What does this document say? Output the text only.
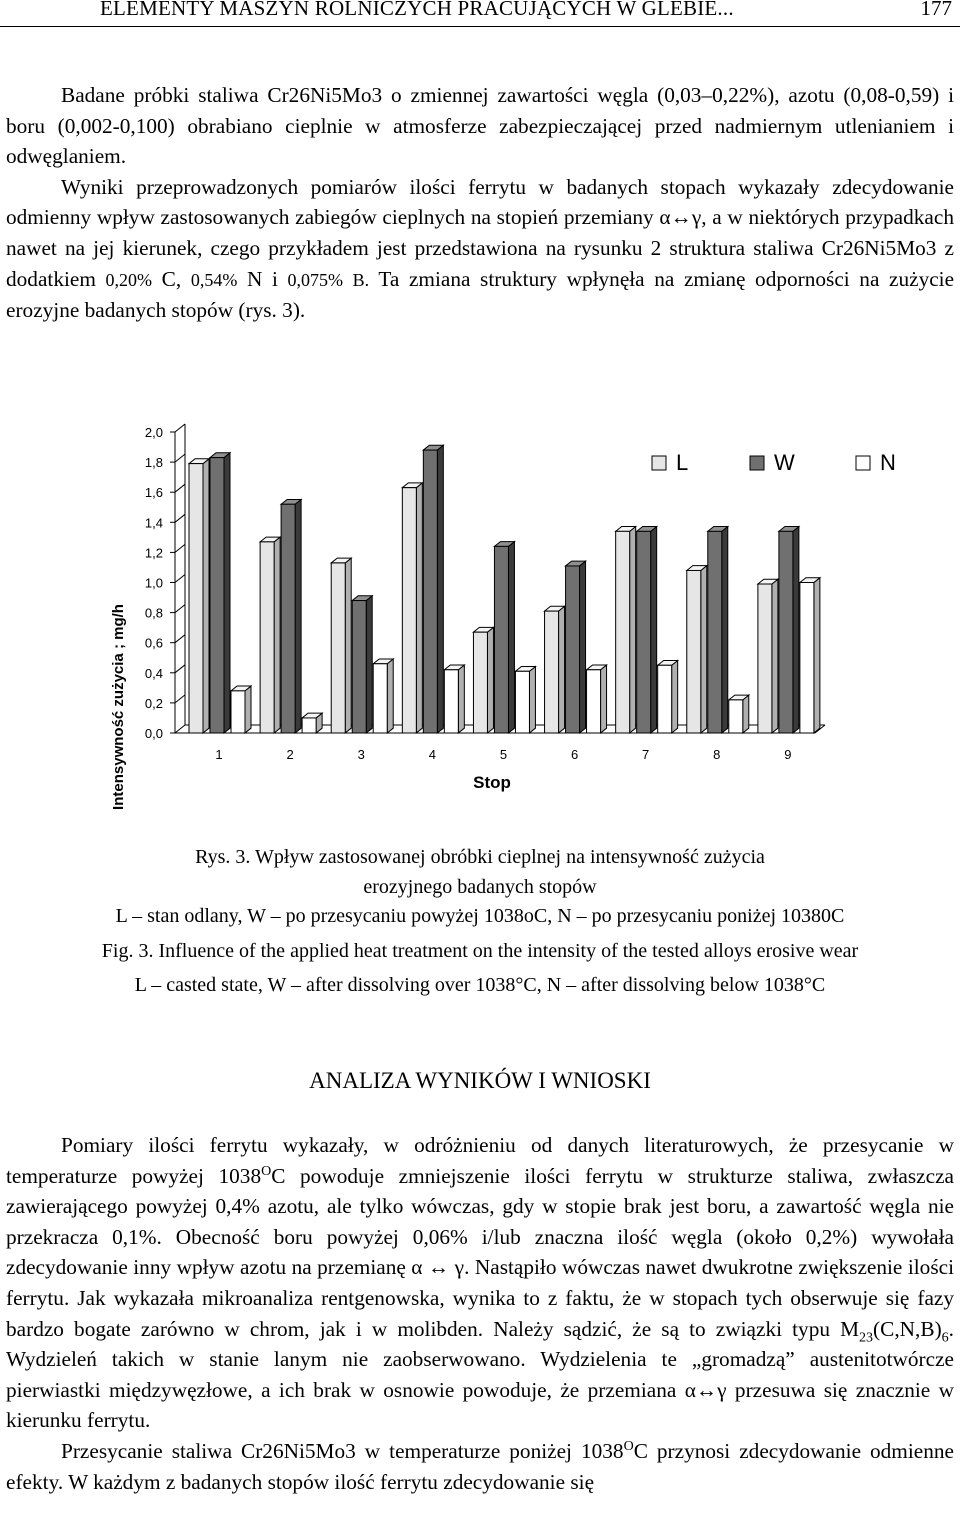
ELEMENTY MASZYN ROLNICZYCH PRACUJĄCYCH W GLEBIE...	177

Badane próbki staliwa Cr26Ni5Mo3 o zmiennej zawartości węgla (0,03–0,22%), azotu (0,08-0,59) i boru (0,002-0,100) obrabiano cieplnie w atmosferze zabezpieczającej przed nadmiernym utlenianiem i odwęglaniem.

Wyniki przeprowadzonych pomiarów ilości ferrytu w badanych stopach wykazały zdecydowanie odmienny wpływ zastosowanych zabiegów cieplnych na stopień przemiany α↔γ, a w niektórych przypadkach nawet na jej kierunek, czego przykładem jest przedstawiona na rysunku 2 struktura staliwa Cr26Ni5Mo3 z dodatkiem 0,20% C, 0,54% N i 0,075% B. Ta zmiana struktury wpłynęła na zmianę odporności na zużycie erozyjne badanych stopów (rys. 3).

0,0
0,2
0,4
0,6
0,8
1,0
1,2
1,4
1,6
1,8
2,0
1	2	3	4	5	6	7	8	9
L	W	N
Intensywność zużycia ; mg/h	Stop
Rys. 3. Wpływ zastosowanej obróbki cieplnej na intensywność zużycia erozyjnego badanych stopów
L – stan odlany, W – po przesycaniu powyżej 1038oC, N – po przesycaniu poniżej 10380C
Fig. 3. Influence of the applied heat treatment on the intensity of the tested alloys erosive wear
L – casted state, W – after dissolving over 1038°C, N – after dissolving below 1038°C
ANALIZA WYNIKÓW I WNIOSKI

Pomiary ilości ferrytu wykazały, w odróżnieniu od danych literaturowych, że przesycanie w temperaturze powyżej $1038^OC$ powoduje zmniejszenie ilości ferrytu w strukturze staliwa, zwłaszcza zawierającego powyżej 0,4% azotu, ale tylko wówczas, gdy w stopie brak jest boru, a zawartość węgla nie przekracza 0,1%. Obecność boru powyżej 0,06% i/lub znaczna ilość węgla (około 0,2%) wywołała zdecydowanie inny wpływ azotu na przemianę α ↔ γ. Nastąpiło wówczas nawet dwukrotne zwiększenie ilości ferrytu. Jak wykazała mikroanaliza rentgenowska, wynika to z faktu, że w stopach tych obserwuje się fazy bardzo bogate zarówno w chrom, jak i w molibden. Należy sądzić, że są to związki typu $M_{23}(C,N,B)_6$. Wydzieleń takich w stanie lanym nie zaobserwowano. Wydzielenia te „gromadzą” austenitotwórcze pierwiastki międzywęzłowe, a ich brak w osnowie powoduje, że przemiana α↔γ przesuwa się znacznie w kierunku ferrytu.

Przesycanie staliwa Cr26Ni5Mo3 w temperaturze poniżej $1038^OC$ przynosi zdecydowanie odmienne efekty. W każdym z badanych stopów ilość ferrytu zdecydowanie się
